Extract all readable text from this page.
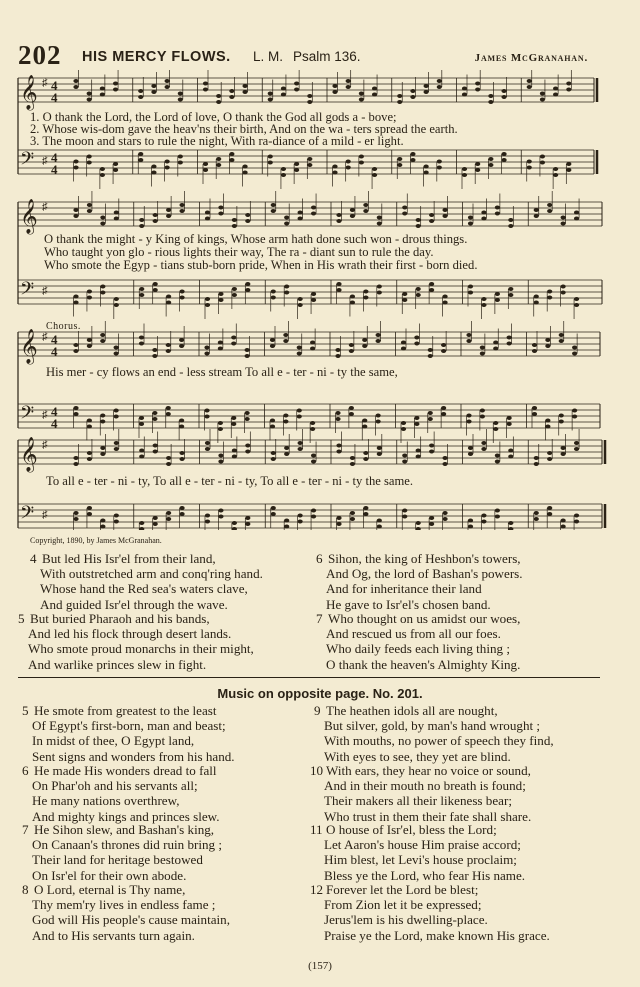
202 HIS MERCY FLOWS. L. M. Psalm 136.	James McGranahan.
𝄞
𝄢
♯
♯
4
4
4
4
𝄞
𝄢
♯
♯
𝄞
𝄢
♯
♯
4
4
4
4
𝄞
𝄢
♯
♯
1. O thank the Lord, the Lord of love, O thank the God all gods a - bove;
2. Whose wis-dom gave the heav'ns their birth, And on the wa - ters spread the earth.
3. The moon and stars to rule the night, With ra-diance of a mild - er light.
O thank the might - y King of kings, Whose arm hath done such won - drous things.
Who taught yon glo - rious lights their way, The ra - diant sun to rule the day.
Who smote the Egyp - tians stub-born pride, When in His wrath their first - born died.
Chorus.
His mer - cy flows an end - less stream To all e - ter - ni - ty the same,
To all e - ter - ni - ty, To all e - ter - ni - ty, To all e - ter - ni - ty the same.
Copyright, 1890, by James McGranahan.
4 But led His Isr'el from their land,
With outstretched arm and conq'ring hand.
Whose hand the Red sea's waters clave,
And guided Isr'el through the wave.
5 But buried Pharaoh and his bands,
And led his flock through desert lands.
Who smote proud monarchs in their might,
And warlike princes slew in fight.
6 Sihon, the king of Heshbon's towers,
And Og, the lord of Bashan's powers.
And for inheritance their land
He gave to Isr'el's chosen band.
7 Who thought on us amidst our woes,
And rescued us from all our foes.
Who daily feeds each living thing ;
O thank the heaven's Almighty King.
Music on opposite page. No. 201.
5 He smote from greatest to the least
Of Egypt's first-born, man and beast;
In midst of thee, O Egypt land,
Sent signs and wonders from his hand.
6 He made His wonders dread to fall
On Phar'oh and his servants all;
He many nations overthrew,
And mighty kings and princes slew.
7 He Sihon slew, and Bashan's king,
On Canaan's thrones did ruin bring ;
Their land for heritage bestowed
On Isr'el for their own abode.
8 O Lord, eternal is Thy name,
Thy mem'ry lives in endless fame ;
God will His people's cause maintain,
And to His servants turn again.
9 The heathen idols all are nought,
But silver, gold, by man's hand wrought ;
With mouths, no power of speech they find,
With eyes to see, they yet are blind.
10 With ears, they hear no voice or sound,
And in their mouth no breath is found;
Their makers all their likeness bear;
Who trust in them their fate shall share.
11 O house of Isr'el, bless the Lord;
Let Aaron's house Him praise accord;
Him blest, let Levi's house proclaim;
Bless ye the Lord, who fear His name.
12 Forever let the Lord be blest;
From Zion let it be expressed;
Jerus'lem is his dwelling-place.
Praise ye the Lord, make known His grace.
(157)
